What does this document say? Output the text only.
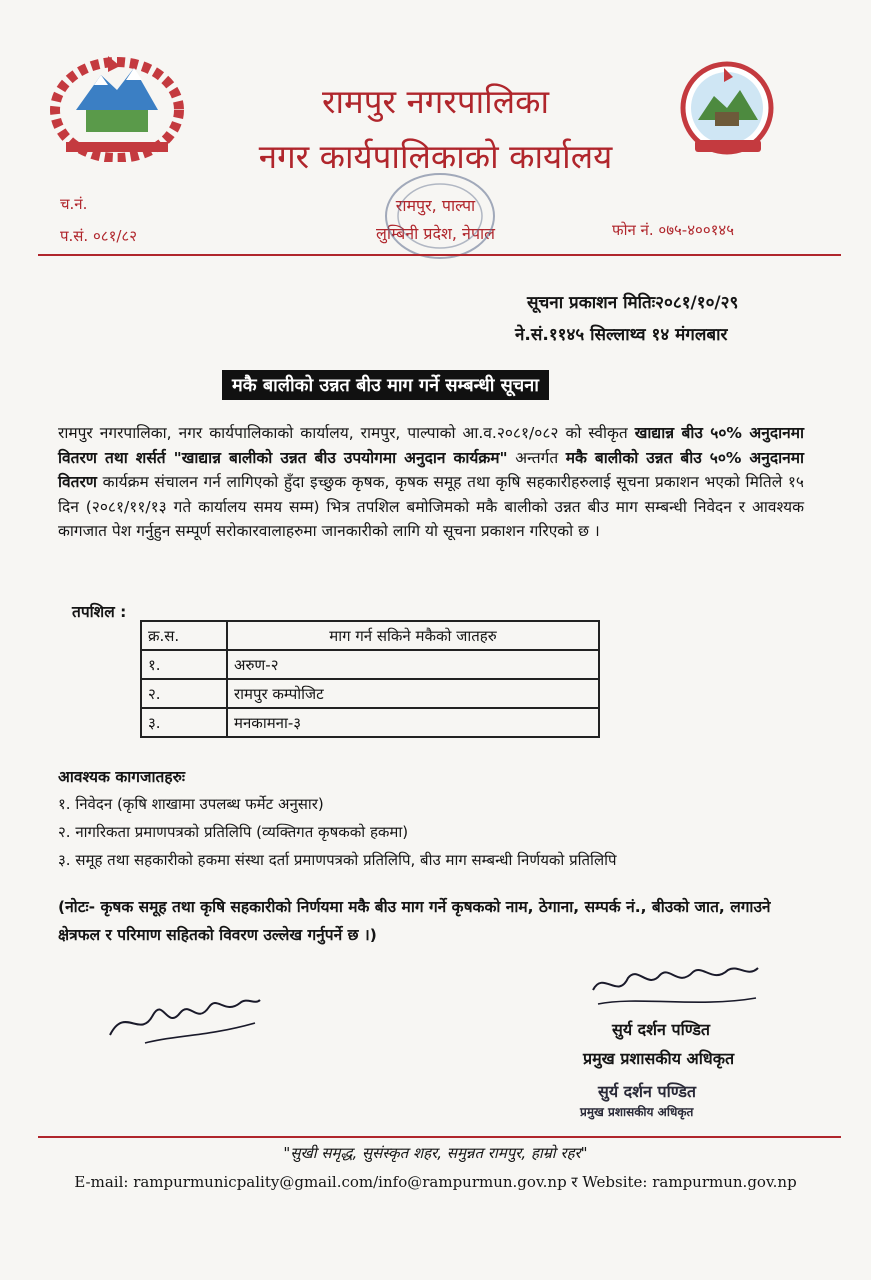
रामपुर नगरपालिका
नगर कार्यपालिकाको कार्यालय
च.नं.
प.सं. ०८१/८२
रामपुर, पाल्पा
लुम्बिनी प्रदेश, नेपाल	फोन नं. ०७५-४००१४५
सूचना प्रकाशन मितिः२०८१/१०/२९
ने.सं.११४५ सिल्लाथ्व १४ मंगलबार
मकै बालीको उन्नत बीउ माग गर्ने सम्बन्धी सूचना
रामपुर नगरपालिका, नगर कार्यपालिकाको कार्यालय, रामपुर, पाल्पाको आ.व.२०८१/०८२ को स्वीकृत खाद्यान्न बीउ ५०% अनुदानमा वितरण तथा शर्सर्त "खाद्यान्न बालीको उन्नत बीउ उपयोगमा अनुदान कार्यक्रम" अन्तर्गत मकै बालीको उन्नत बीउ ५०% अनुदानमा वितरण कार्यक्रम संचालन गर्न लागिएको हुँदा इच्छुक कृषक, कृषक समूह तथा कृषि सहकारीहरुलाई सूचना प्रकाशन भएको मितिले १५ दिन (२०८१/११/१३ गते कार्यालय समय सम्म) भित्र तपशिल बमोजिमको मकै बालीको उन्नत बीउ माग सम्बन्धी निवेदन र आवश्यक कागजात पेश गर्नुहुन सम्पूर्ण सरोकारवालाहरुमा जानकारीको लागि यो सूचना प्रकाशन गरिएको छ ।
तपशिल :
क्र.स.	माग गर्न सकिने मकैको जातहरु
१.	अरुण-२
२.	रामपुर कम्पोजिट
३.	मनकामना-३
आवश्यक कागजातहरुः
१. निवेदन (कृषि शाखामा उपलब्ध फर्मेट अनुसार)
२. नागरिकता प्रमाणपत्रको प्रतिलिपि (व्यक्तिगत कृषकको हकमा)
३. समूह तथा सहकारीको हकमा संस्था दर्ता प्रमाणपत्रको प्रतिलिपि, बीउ माग सम्बन्धी निर्णयको प्रतिलिपि
(नोटः- कृषक समूह तथा कृषि सहकारीको निर्णयमा मकै बीउ माग गर्ने कृषकको नाम, ठेगाना, सम्पर्क नं., बीउको जात, लगाउने क्षेत्रफल र परिमाण सहितको विवरण उल्लेख गर्नुपर्ने छ ।)
सुर्य दर्शन पण्डित
प्रमुख प्रशासकीय अधिकृत
सुर्य दर्शन पण्डित
प्रमुख प्रशासकीय अधिकृत
"सुखी समृद्ध, सुसंस्कृत शहर, समुन्नत रामपुर, हाम्रो रहर"
E-mail: rampurmunicpality@gmail.com/info@rampurmun.gov.np र Website: rampurmun.gov.np
